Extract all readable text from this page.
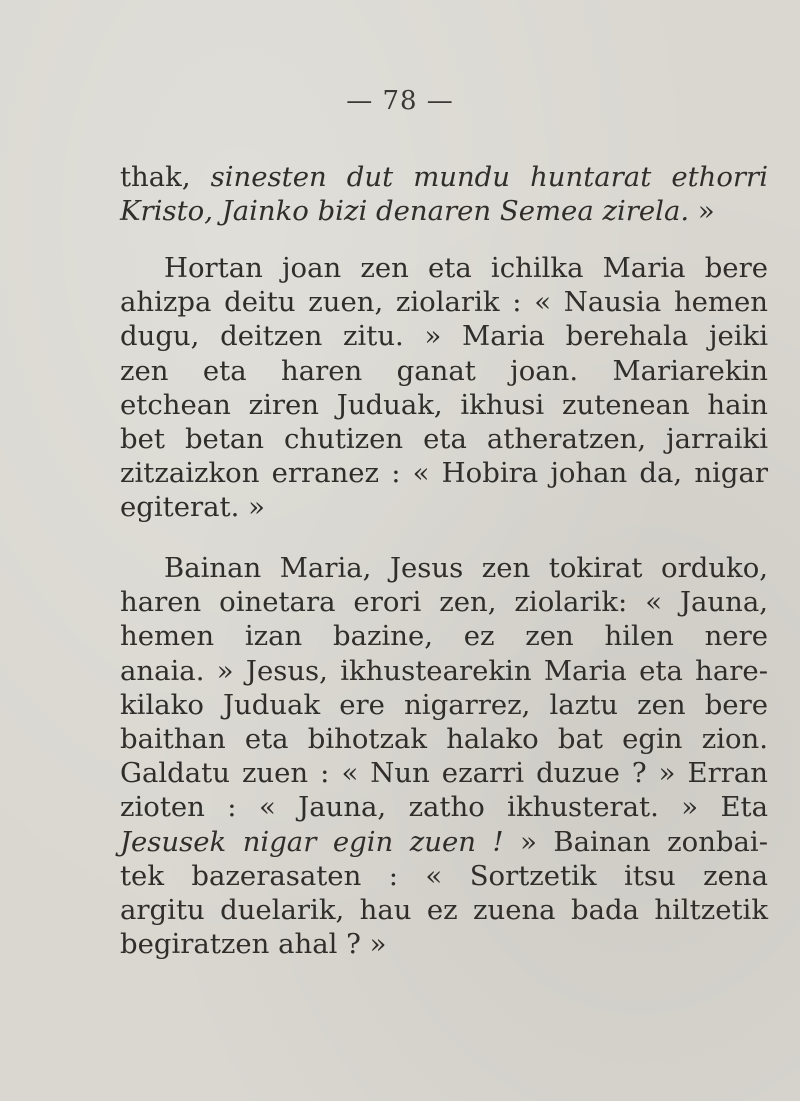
— 78 —
thak, sinesten dut mundu huntarat ethorri
Kristo, Jainko bizi denaren Semea zirela. »
Hortan joan zen eta ichilka Maria bere
ahizpa deitu zuen, ziolarik : « Nausia hemen
dugu, deitzen zitu. » Maria berehala jeiki
zen eta haren ganat joan. Mariarekin
etchean ziren Juduak, ikhusi zutenean hain
bet betan chutizen eta atheratzen, jarraiki
zitzaizkon erranez : « Hobira johan da, nigar
egiterat. »
Bainan Maria, Jesus zen tokirat orduko,
haren oinetara erori zen, ziolarik: « Jauna,
hemen izan bazine, ez zen hilen nere
anaia. » Jesus, ikhustearekin Maria eta hare-
kilako Juduak ere nigarrez, laztu zen bere
baithan eta bihotzak halako bat egin zion.
Galdatu zuen : « Nun ezarri duzue ? » Erran
zioten : « Jauna, zatho ikhusterat. » Eta
Jesusek nigar egin zuen ! » Bainan zonbai-
tek bazerasaten : « Sortzetik itsu zena
argitu duelarik, hau ez zuena bada hiltzetik
begiratzen ahal ? »
